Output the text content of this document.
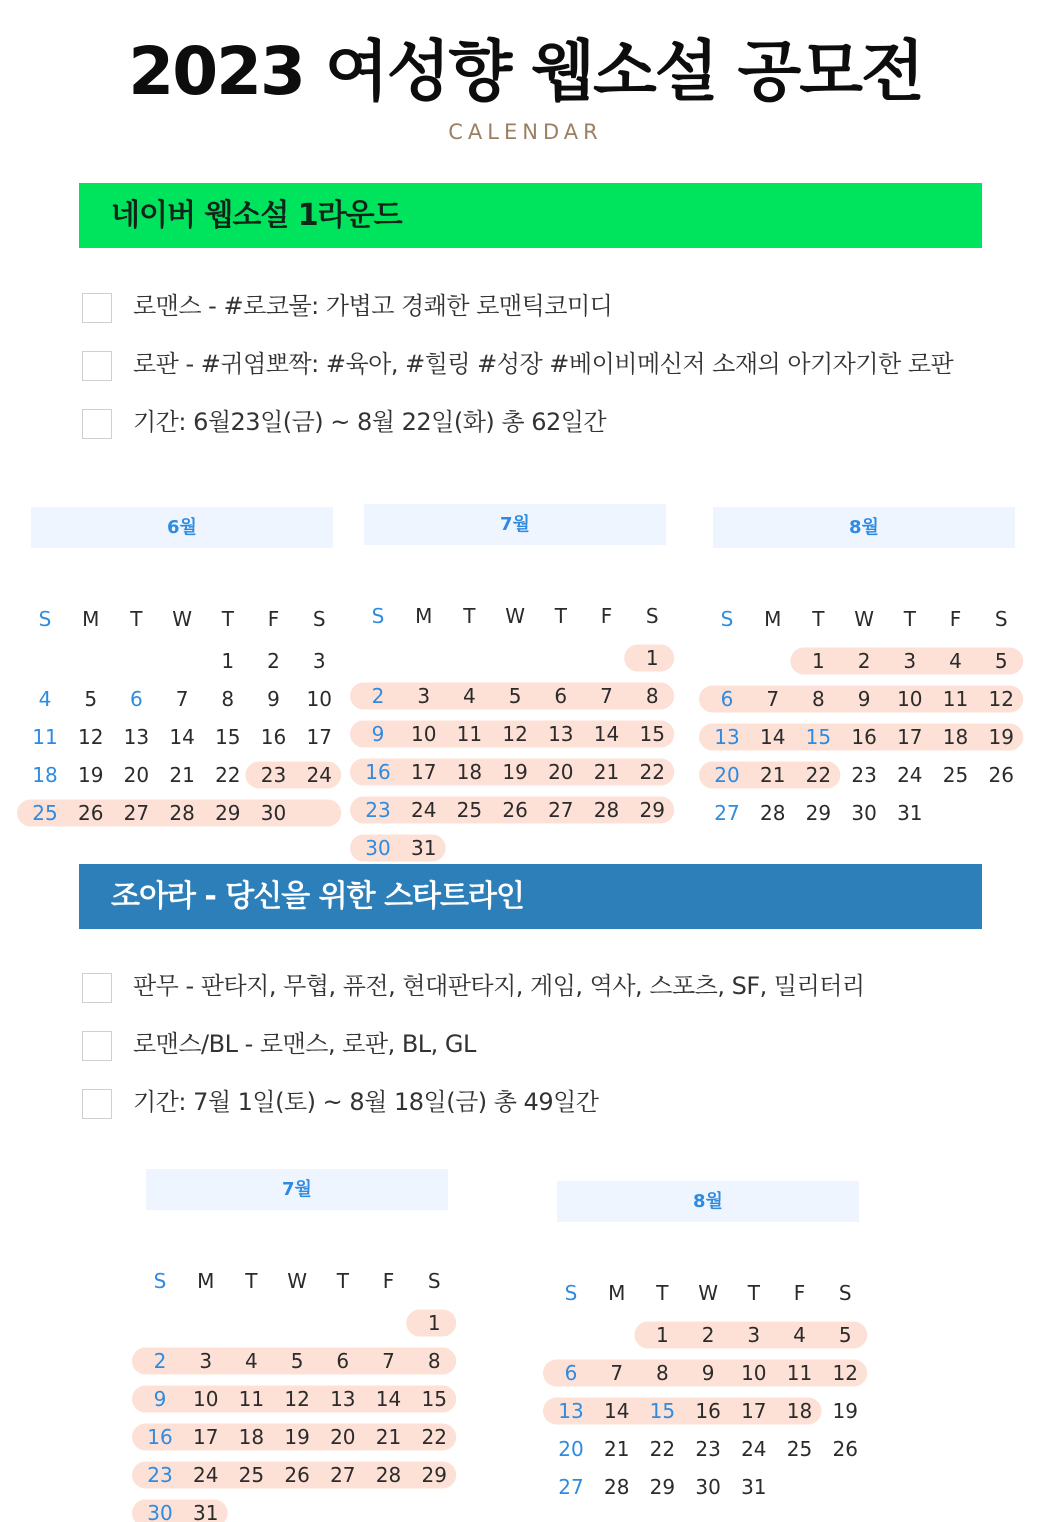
2023 여성향 웹소설 공모전
CALENDAR
네이버 웹소설 1라운드
로맨스 - #로코물: 가볍고 경쾌한 로맨틱코미디
로판 - #귀염뽀짝: #육아, #힐링 #성장 #베이비메신저 소재의 아기자기한 로판
기간: 6월23일(금) ~ 8월 22일(화) 총 62일간
6월
S M T W T F S
1 2 3
4 5 6 7 8 9 10
11 12 13 14 15 16 17
18 19 20 21 22 23 24
25 26 27 28 29 30
7월
S M T W T F S
1
2 3 4 5 6 7 8
9 10 11 12 13 14 15
16 17 18 19 20 21 22
23 24 25 26 27 28 29
30 31
8월
S M T W T F S
1 2 3 4 5
6 7 8 9 10 11 12
13 14 15 16 17 18 19
20 21 22 23 24 25 26
27 28 29 30 31
조아라 - 당신을 위한 스타트라인
판무 - 판타지, 무협, 퓨전, 현대판타지, 게임, 역사, 스포츠, SF, 밀리터리
로맨스/BL - 로맨스, 로판, BL, GL
기간: 7월 1일(토) ~ 8월 18일(금) 총 49일간
7월
S M T W T F S
1
2 3 4 5 6 7 8
9 10 11 12 13 14 15
16 17 18 19 20 21 22
23 24 25 26 27 28 29
30 31
8월
S M T W T F S
1 2 3 4 5
6 7 8 9 10 11 12
13 14 15 16 17 18 19
20 21 22 23 24 25 26
27 28 29 30 31
